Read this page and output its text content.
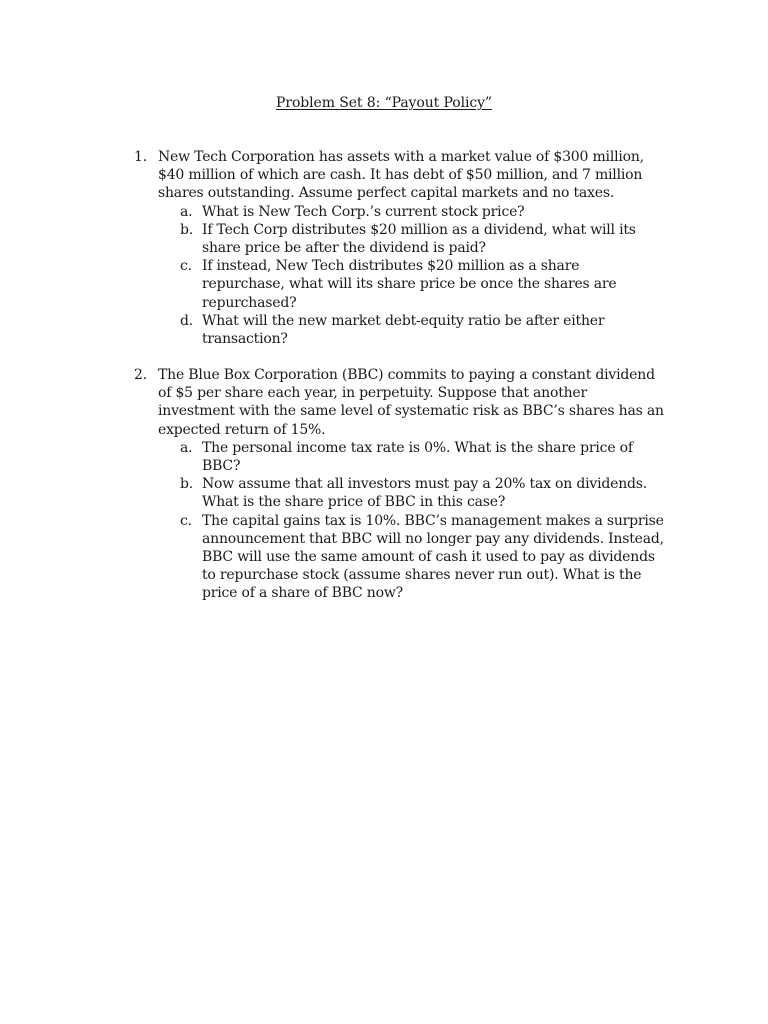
Problem Set 8: “Payout Policy”
1. New Tech Corporation has assets with a market value of $300 million, $40 million of which are cash. It has debt of $50 million, and 7 million shares outstanding. Assume perfect capital markets and no taxes.
a. What is New Tech Corp.’s current stock price?
b. If Tech Corp distributes $20 million as a dividend, what will its share price be after the dividend is paid?
c. If instead, New Tech distributes $20 million as a share repurchase, what will its share price be once the shares are repurchased?
d. What will the new market debt-equity ratio be after either transaction?
2. The Blue Box Corporation (BBC) commits to paying a constant dividend of $5 per share each year, in perpetuity. Suppose that another investment with the same level of systematic risk as BBC’s shares has an expected return of 15%.
a. The personal income tax rate is 0%. What is the share price of BBC?
b. Now assume that all investors must pay a 20% tax on dividends. What is the share price of BBC in this case?
c. The capital gains tax is 10%. BBC’s management makes a surprise announcement that BBC will no longer pay any dividends. Instead, BBC will use the same amount of cash it used to pay as dividends to repurchase stock (assume shares never run out). What is the price of a share of BBC now?
